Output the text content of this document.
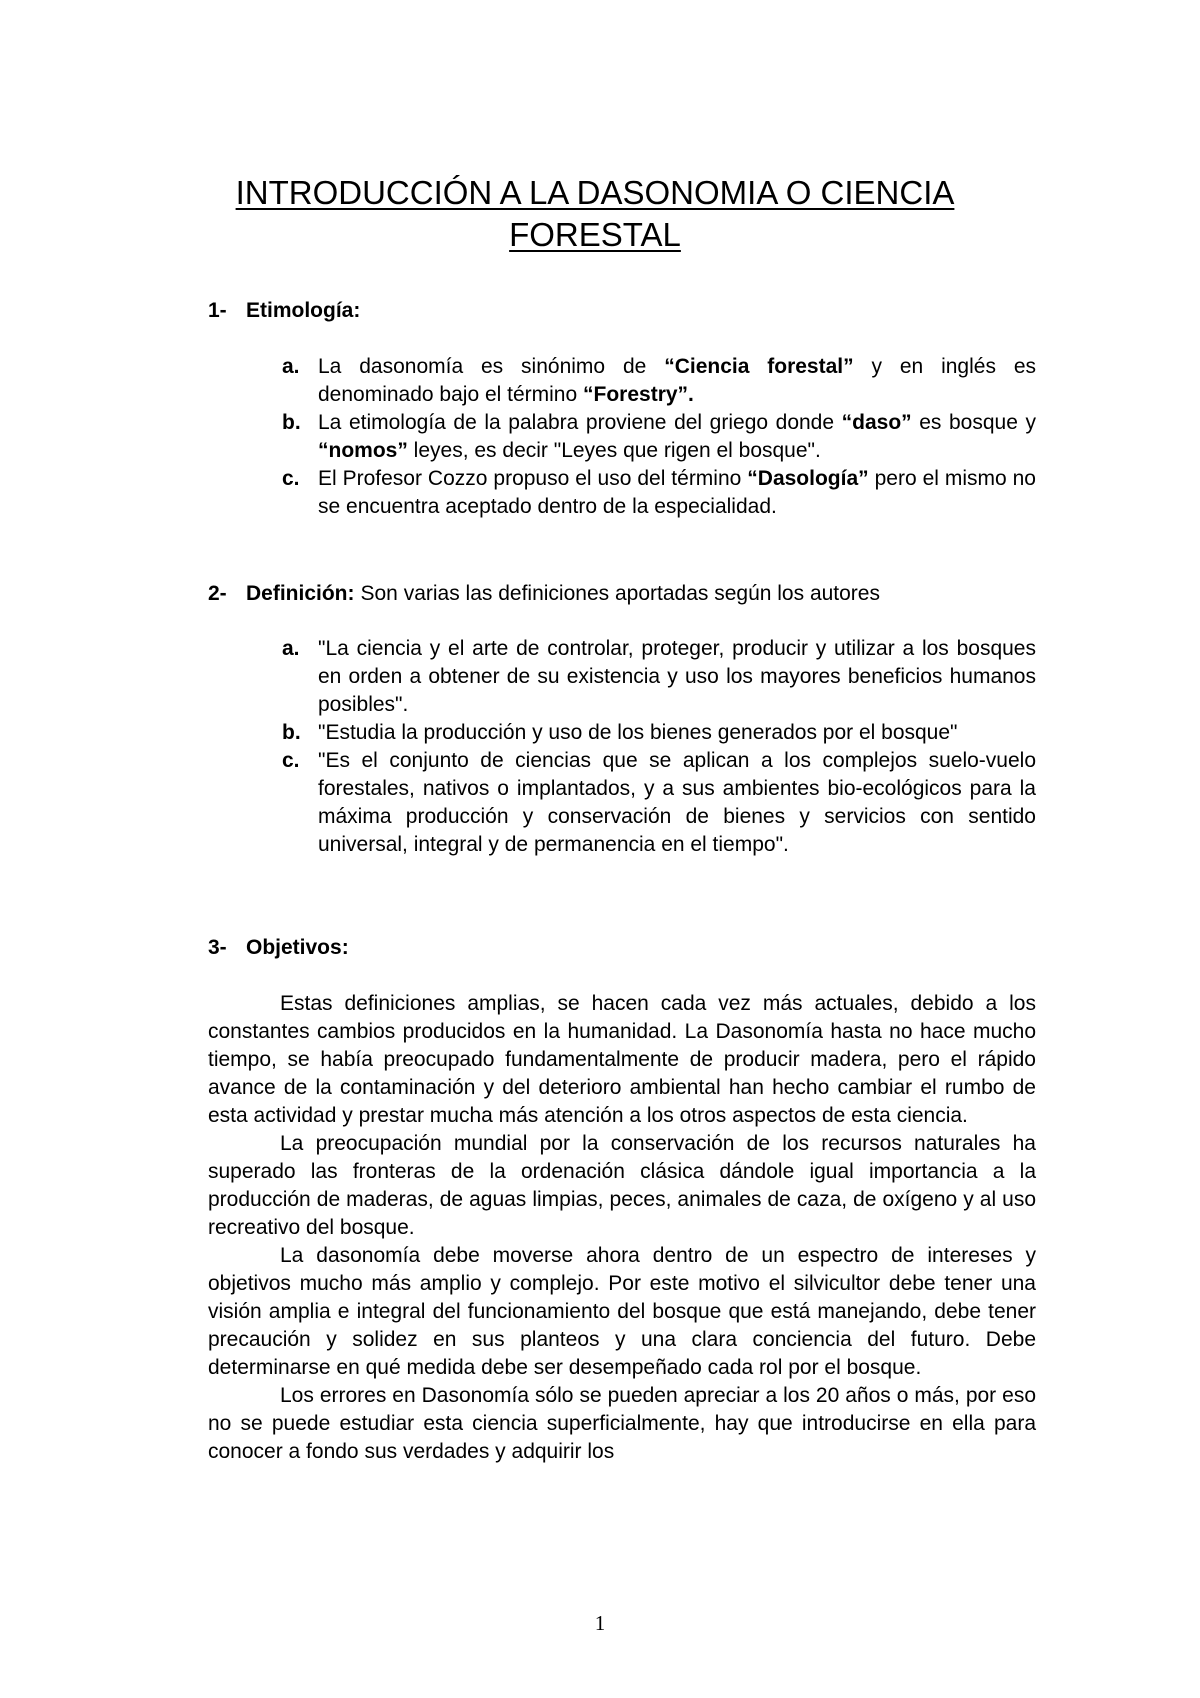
INTRODUCCIÓN A LA DASONOMIA O CIENCIA FORESTAL
1- Etimología:
a. La dasonomía es sinónimo de “Ciencia forestal” y en inglés es denominado bajo el término “Forestry”.
b. La etimología de la palabra proviene del griego donde “daso” es bosque y “nomos” leyes, es decir "Leyes que rigen el bosque".
c. El Profesor Cozzo propuso el uso del término “Dasología” pero el mismo no se encuentra aceptado dentro de la especialidad.
2- Definición: Son varias las definiciones aportadas según los autores
a. "La ciencia y el arte de controlar, proteger, producir y utilizar a los bosques en orden a obtener de su existencia y uso los mayores beneficios humanos posibles".
b. "Estudia la producción y uso de los bienes generados por el bosque"
c. "Es el conjunto de ciencias que se aplican a los complejos suelo-vuelo forestales, nativos o implantados, y a sus ambientes bio-ecológicos para la máxima producción y conservación de bienes y servicios con sentido universal, integral y de permanencia en el tiempo".
3- Objetivos:

Estas definiciones amplias, se hacen cada vez más actuales, debido a los constantes cambios producidos en la humanidad. La Dasonomía hasta no hace mucho tiempo, se había preocupado fundamentalmente de producir madera, pero el rápido avance de la contaminación y del deterioro ambiental han hecho cambiar el rumbo de esta actividad y prestar mucha más atención a los otros aspectos de esta ciencia.

La preocupación mundial por la conservación de los recursos naturales ha superado las fronteras de la ordenación clásica dándole igual importancia a la producción de maderas, de aguas limpias, peces, animales de caza, de oxígeno y al uso recreativo del bosque.

La dasonomía debe moverse ahora dentro de un espectro de intereses y objetivos mucho más amplio y complejo. Por este motivo el silvicultor debe tener una visión amplia e integral del funcionamiento del bosque que está manejando, debe tener precaución y solidez en sus planteos y una clara conciencia del futuro. Debe determinarse en qué medida debe ser desempeñado cada rol por el bosque.

Los errores en Dasonomía sólo se pueden apreciar a los 20 años o más, por eso no se puede estudiar esta ciencia superficialmente, hay que introducirse en ella para conocer a fondo sus verdades y adquirir los

1
